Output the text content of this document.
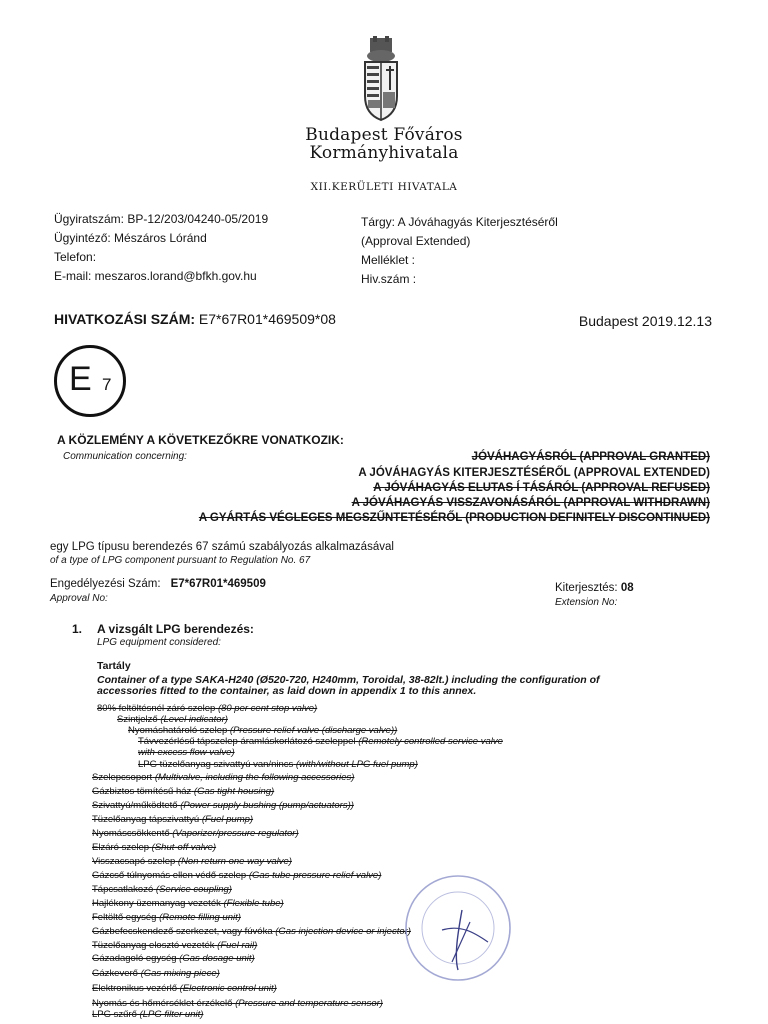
Budapest Főváros
Kormányhivatala
XII.KERÜLETI HIVATALA
Ügyiratszám: BP-12/203/04240-05/2019
Ügyintéző: Mészáros Lóránd
Telefon:
E-mail: meszaros.lorand@bfkh.gov.hu
Tárgy: A Jóváhagyás Kiterjesztéséről
(Approval Extended)
Melléklet :
Hiv.szám :
HIVATKOZÁSI SZÁM: E7*67R01*469509*08	Budapest 2019.12.13
E 7
A KÖZLEMÉNY A KÖVETKEZŐKRE VONATKOZIK:
Communication concerning:	JÓVÁHAGYÁSRÓL (APPROVAL GRANTED)
A JÓVÁHAGYÁS KITERJESZTÉSÉRŐL (APPROVAL EXTENDED)
A JÓVÁHAGYÁS ELUTAS Í TÁSÁRÓL (APPROVAL REFUSED)
A JÓVÁHAGYÁS VISSZAVONÁSÁRÓL (APPROVAL WITHDRAWN)
A GYÁRTÁS VÉGLEGES MEGSZŰNTETÉSÉRŐL (PRODUCTION DEFINITELY DISCONTINUED)
egy LPG típusu berendezés 67 számú szabályozás alkalmazásával
of a type of LPG component pursuant to Regulation No. 67
Engedélyezési Szám: E7*67R01*469509
Approval No:
Kiterjesztés: 08
Extension No:
1. A vizsgált LPG berendezés:
LPG equipment considered:
Tartály
Container of a type SAKA-H240 (Ø520-720, H240mm, Toroidal, 38-82lt.) including the configuration of accessories fitted to the container, as laid down in appendix 1 to this annex.
80% feltöltésnél záró szelep (80 per cent stop valve)
Szintjelző (Level indicator)
Nyomáshatároló szelep (Pressure relief valve (discharge valve))
Távvezérlésű tápszelep áramláskorlátozó szeleppel (Remotely controlled service valve
with excess flow valve)
LPG tüzelőanyag szivattyú van/nincs (with/without LPG fuel pump)
Szelepcsoport (Multivalve, including the following accessories)
Gázbiztos tömítésű ház (Gas tight housing)
Szivattyú/működtető (Power supply bushing (pump/actuators))
Tüzelőanyag tápszivattyú (Fuel pump)
Nyomáscsökkentő (Vaporizer/pressure regulator)
Elzáró szelep (Shut-off valve)
Visszacsapó szelep (Non return one way valve)
Gázcső túlnyomás ellen védő szelep (Gas tube pressure relief valve)
Tápcsatlakozó (Service coupling)
Hajlékony üzemanyag vezeték (Flexible tube)
Feltöltő egység (Remote filling unit)
Gázbefecskendező szerkezet, vagy fúvóka (Gas injection device or injector)
Tüzelőanyag elosztó vezeték (Fuel rail)
Gázadagoló egység (Gas dosage unit)
Gázkeverő (Gas mixing piece)
Elektronikus vezérlő (Electronic control unit)
Nyomás és hőmérséklet érzékelő (Pressure and temperature sensor)
LPG szűrő (LPG filter unit)
